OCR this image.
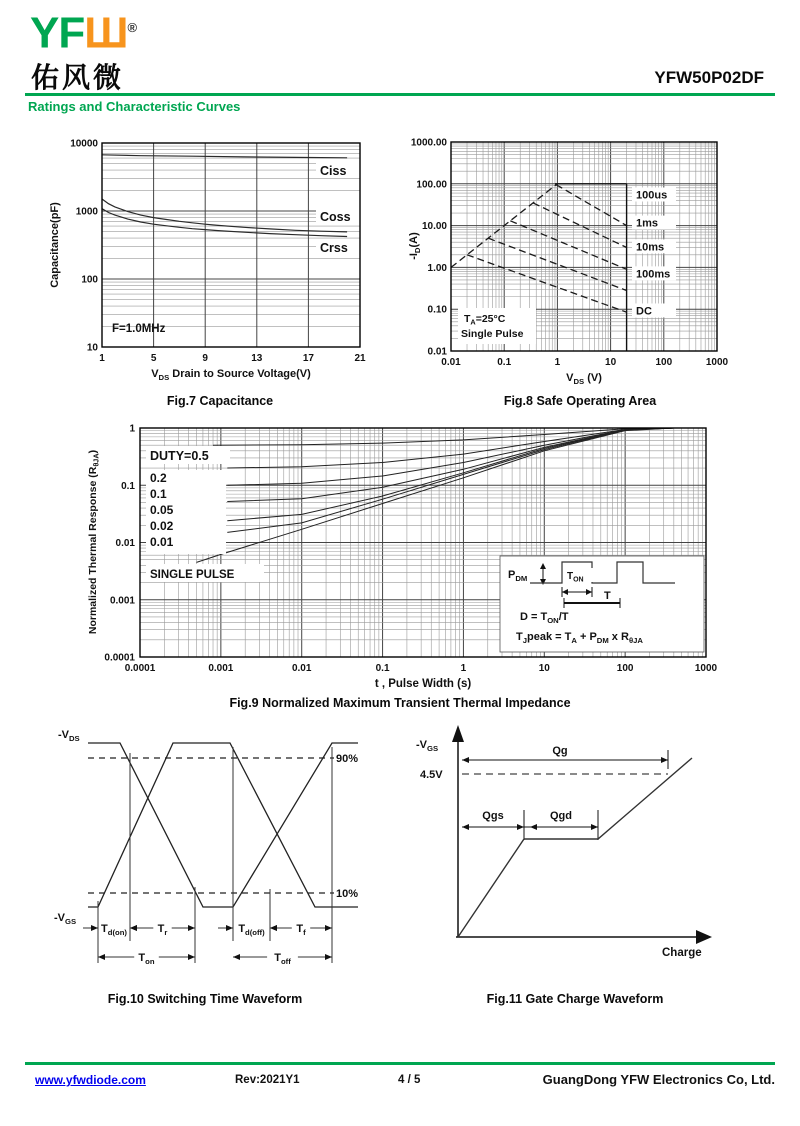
YFШ®
佑风微	YFW50P02DF
Ratings and Characteristic Curves
Ciss
Coss
Crss
F=1.0MHz
10000
1000
100
10
1	5	9	13	17	21
$V_{DS}$ Drain to Source Voltage(V)
Capacitance(pF)
100us
1ms
10ms
100ms
DC
$T_A=25^\circ C$
Single Pulse
1000.00
100.00
10.00
1.00
0.10
0.01
0.01	0.1	1	10	100	1000
$V_{DS}$ (V)
$-I_D(A)$
DUTY=0.5
0.2
0.1
0.05
0.02
0.01
SINGLE PULSE	$P_{DM}$	$T_{ON}$
T
$D = T_{ON}/T$
$T_Jpeak = T_A + P_{DM}$ x $R_{\theta JA}$
1
0.1
0.01
0.001
0.0001
0.0001	0.001	0.01	0.1	1	10	100	1000
t , Pulse Width (s)
Normalized Thermal Response $(R_{\theta JA})$
90%
10%
$-V_{DS}$
$-V_{GS}$
$T_{d(on)}$	$T_r$	$T_{d(off)}$	$T_f$
$T_{on}$	$T_{off}$
$-V_{GS}$
4.5V
Qg
Qgs	Qgd
Charge
Fig.7 Capacitance	Fig.8 Safe Operating Area
Fig.9 Normalized Maximum Transient Thermal Impedance
Fig.10 Switching Time Waveform	Fig.11 Gate Charge Waveform
www.yfwdiode.com	Rev:2021Y1	4 / 5	GuangDong YFW Electronics Co, Ltd.
